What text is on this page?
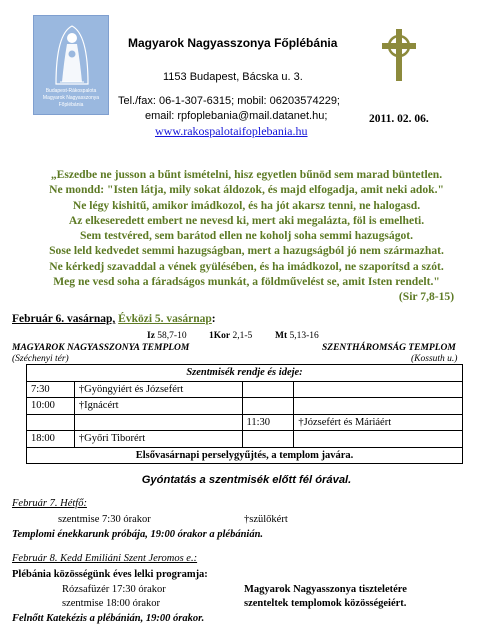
Budapest-Rákospalota
Magyarok Nagyasszonya
Főplébánia
Magyarok Nagyasszonya Főplébánia
1153 Budapest, Bácska u. 3.
Tel./fax: 06-1-307-6315; mobil: 06203574229;
email: rpfoplebania@mail.datanet.hu;
www.rakospalotaifoplebania.hu
2011. 02. 06.
„Eszedbe ne jusson a bűnt ismételni, hisz egyetlen bűnöd sem marad büntetlen.
Ne mondd: "Isten látja, mily sokat áldozok, és majd elfogadja, amit neki adok."
Ne légy kishitű, amikor imádkozol, és ha jót akarsz tenni, ne halogasd.
Az elkeseredett embert ne nevesd ki, mert aki megalázta, föl is emelheti.
Sem testvéred, sem barátod ellen ne koholj soha semmi hazugságot.
Sose leld kedvedet semmi hazugságban, mert a hazugságból jó nem származhat.
Ne kérkedj szavaddal a vének gyülésében, és ha imádkozol, ne szaporítsd a szót.
Meg ne vesd soha a fáradságos munkát, a földművelést se, amit Isten rendelt."
(Sir 7,8-15)
Február 6. vasárnap, Évközi 5. vasárnap:
Iz 58,7-10 1Kor 2,1-5 Mt 5,13-16
MAGYAROK NAGYASSZONYA TEMPLOM
(Széchenyi tér)
SZENTHÁROMSÁG TEMPLOM
(Kossuth u.)
Szentmisék rendje és ideje:			
7:30	†Gyöngyiért és Józsefért		
10:00	†Ignácért		
		11:30	†Józsefért és Máriáért
18:00	†Győri Tiborért		
Elsővasárnapi perselygyűjtés, a templom javára.			
Gyóntatás a szentmisék előtt fél órával.
Február 7. Hétfő:
szentmise 7:30 órakor	†szülőkért
Templomi énekkarunk próbája, 19:00 órakor a plébánián.
Február 8. Kedd Emiliáni Szent Jeromos e.:
Plébánia közösségünk éves lelki programja:
Rózsafüzér 17:30 órakor
szentmise 18:00 órakor
Magyarok Nagyasszonya tiszteletére
szenteltek templomok közösségeiért.
Felnőtt Katekézis a plébánián, 19:00 órakor.
